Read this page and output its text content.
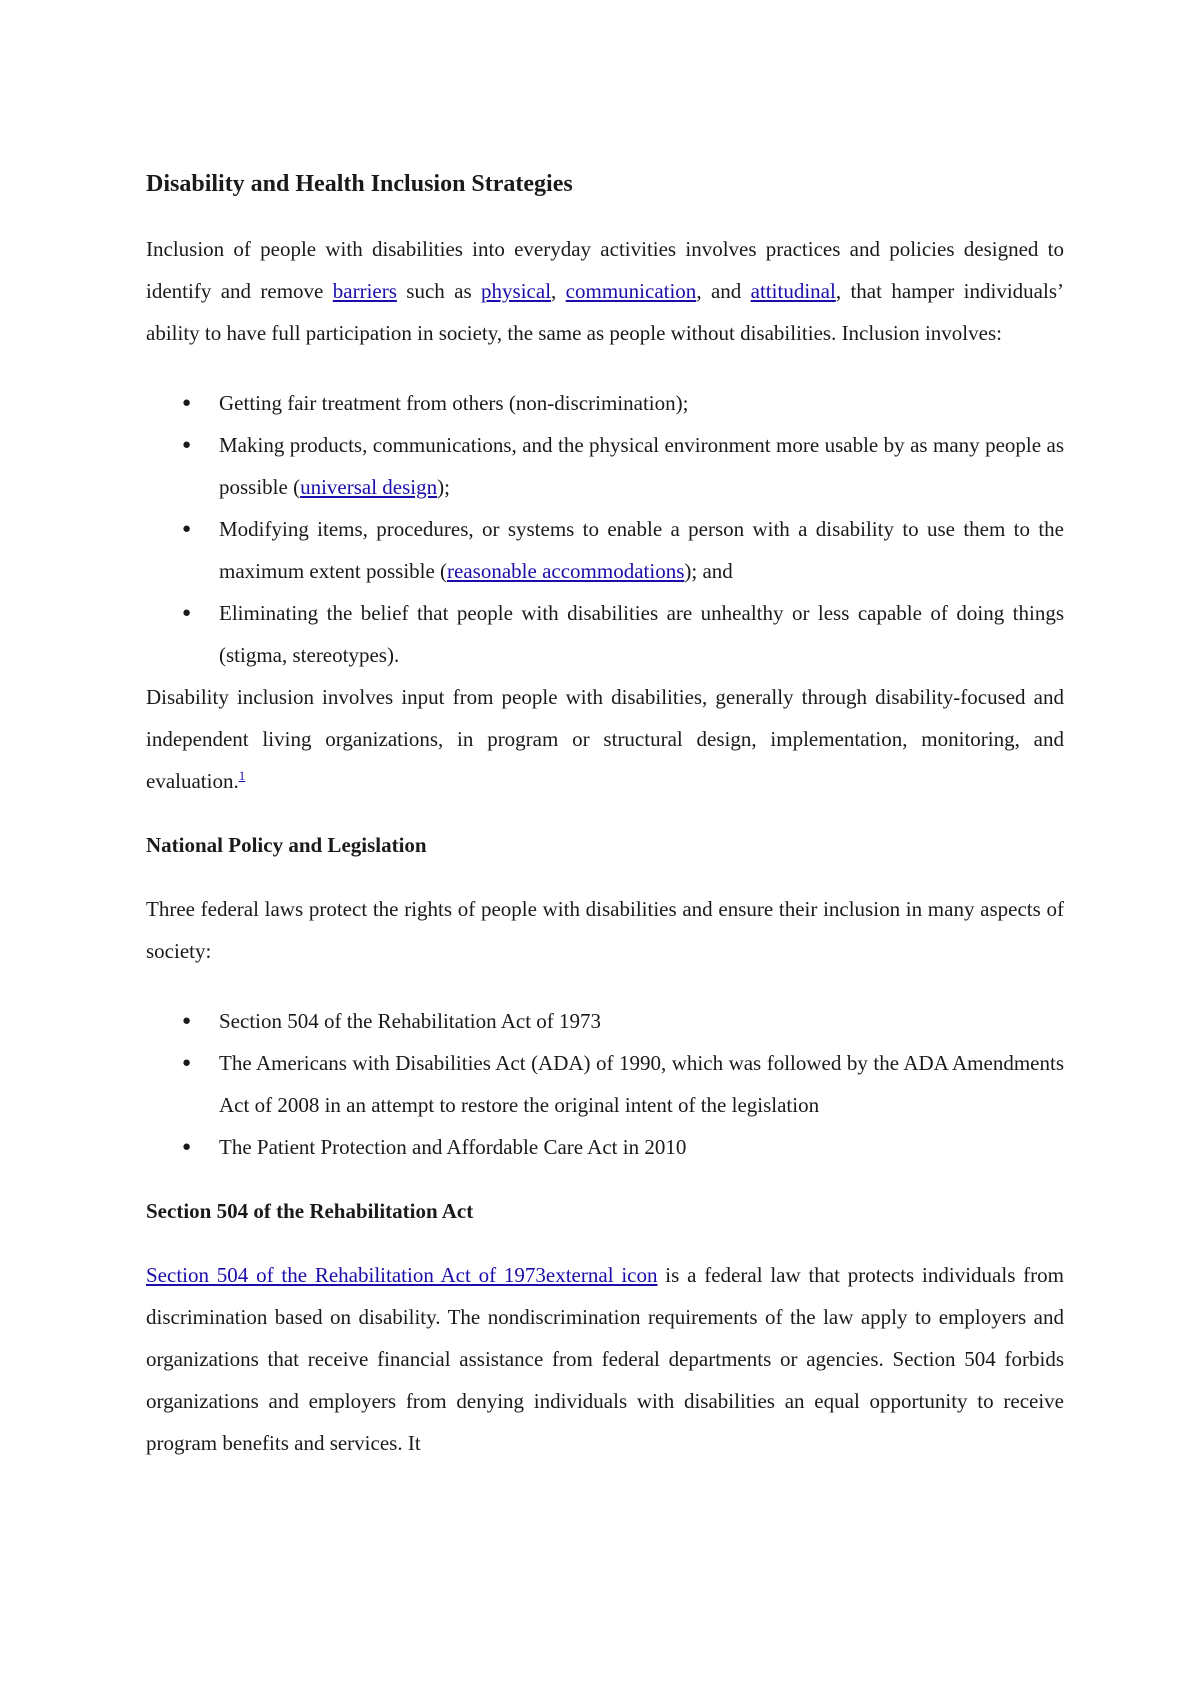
Disability and Health Inclusion Strategies

Inclusion of people with disabilities into everyday activities involves practices and policies designed to identify and remove barriers such as physical, communication, and attitudinal, that hamper individuals’ ability to have full participation in society, the same as people without disabilities. Inclusion involves:

● Getting fair treatment from others (non-discrimination);
● Making products, communications, and the physical environment more usable by as many people as possible (universal design);
● Modifying items, procedures, or systems to enable a person with a disability to use them to the maximum extent possible (reasonable accommodations); and
● Eliminating the belief that people with disabilities are unhealthy or less capable of doing things (stigma, stereotypes).

Disability inclusion involves input from people with disabilities, generally through disability-focused and independent living organizations, in program or structural design, implementation, monitoring, and evaluation.$^1$

National Policy and Legislation

Three federal laws protect the rights of people with disabilities and ensure their inclusion in many aspects of society:

● Section 504 of the Rehabilitation Act of 1973
● The Americans with Disabilities Act (ADA) of 1990, which was followed by the ADA Amendments Act of 2008 in an attempt to restore the original intent of the legislation
● The Patient Protection and Affordable Care Act in 2010
Section 504 of the Rehabilitation Act

Section 504 of the Rehabilitation Act of 1973external icon is a federal law that protects individuals from discrimination based on disability. The nondiscrimination requirements of the law apply to employers and organizations that receive financial assistance from federal departments or agencies. Section 504 forbids organizations and employers from denying individuals with disabilities an equal opportunity to receive program benefits and services. It
